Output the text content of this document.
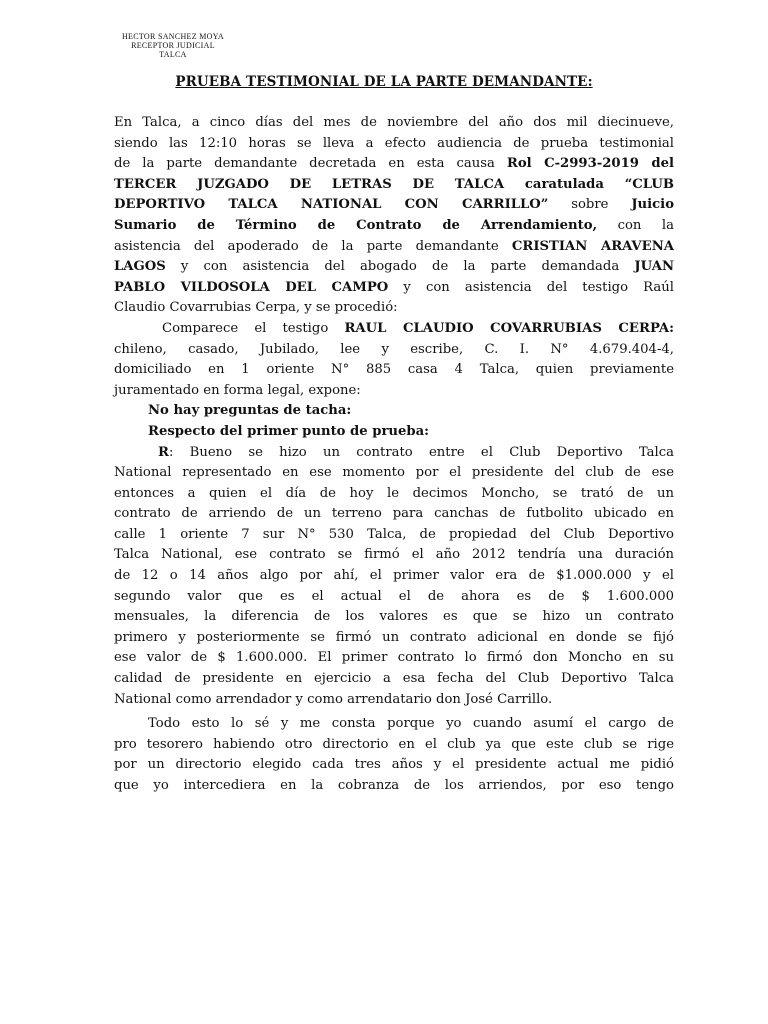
HECTOR SANCHEZ MOYA
RECEPTOR JUDICIAL
TALCA
PRUEBA TESTIMONIAL DE LA PARTE DEMANDANTE:
En Talca, a cinco días del mes de noviembre del año dos mil diecinueve,
siendo las 12:10 horas se lleva a efecto audiencia de prueba testimonial
de la parte demandante decretada en esta causa Rol C-2993-2019 del
TERCER JUZGADO DE LETRAS DE TALCA caratulada “CLUB
DEPORTIVO TALCA NATIONAL CON CARRILLO” sobre Juicio
Sumario de Término de Contrato de Arrendamiento, con la
asistencia del apoderado de la parte demandante CRISTIAN ARAVENA
LAGOS y con asistencia del abogado de la parte demandada JUAN
PABLO VILDOSOLA DEL CAMPO y con asistencia del testigo Raúl
Claudio Covarrubias Cerpa, y se procedió:
Comparece el testigo RAUL CLAUDIO COVARRUBIAS CERPA:
chileno, casado, Jubilado, lee y escribe, C. I. N° 4.679.404-4,
domiciliado en 1 oriente N° 885 casa 4 Talca, quien previamente
juramentado en forma legal, expone:
No hay preguntas de tacha:
Respecto del primer punto de prueba:
R: Bueno se hizo un contrato entre el Club Deportivo Talca
National representado en ese momento por el presidente del club de ese
entonces a quien el día de hoy le decimos Moncho, se trató de un
contrato de arriendo de un terreno para canchas de futbolito ubicado en
calle 1 oriente 7 sur N° 530 Talca, de propiedad del Club Deportivo
Talca National, ese contrato se firmó el año 2012 tendría una duración
de 12 o 14 años algo por ahí, el primer valor era de $1.000.000 y el
segundo valor que es el actual el de ahora es de $ 1.600.000
mensuales, la diferencia de los valores es que se hizo un contrato
primero y posteriormente se firmó un contrato adicional en donde se fijó
ese valor de $ 1.600.000. El primer contrato lo firmó don Moncho en su
calidad de presidente en ejercicio a esa fecha del Club Deportivo Talca
National como arrendador y como arrendatario don José Carrillo.
Todo esto lo sé y me consta porque yo cuando asumí el cargo de
pro tesorero habiendo otro directorio en el club ya que este club se rige
por un directorio elegido cada tres años y el presidente actual me pidió
que yo intercediera en la cobranza de los arriendos, por eso tengo
